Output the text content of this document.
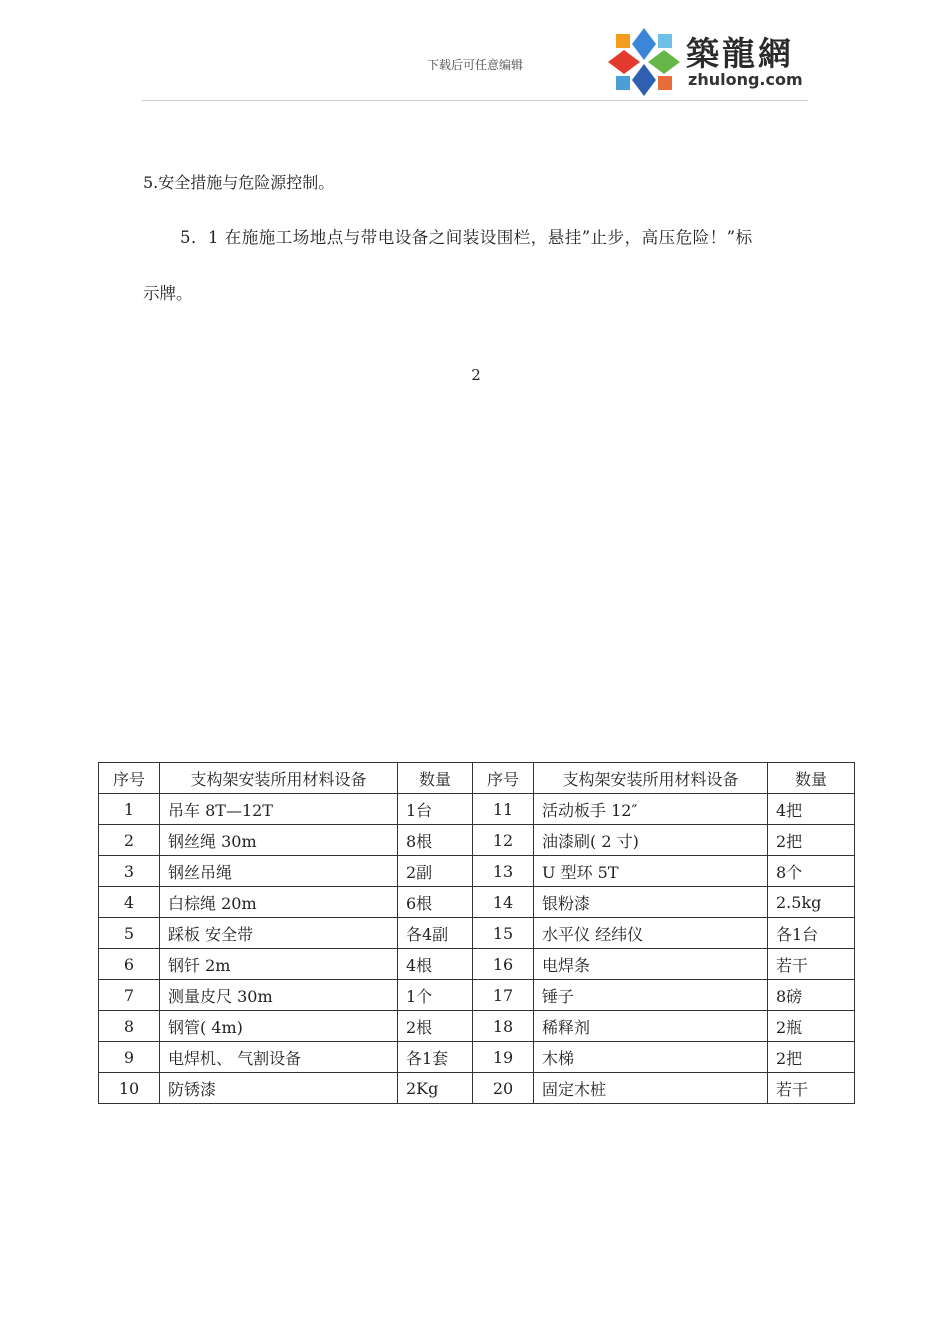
下载后可任意编辑	築龍網
zhulong.com
5.安全措施与危险源控制。
5．1 在施施工场地点与带电设备之间装设围栏，悬挂”止步，高压危险！”标
示牌。
2
序号	支构架安装所用材料设备	数量	序号	支构架安装所用材料设备	数量
1	吊车 8T—12T	1台	11	活动板手 12″	4把
2	钢丝绳 30m	8根	12	油漆刷( 2 寸)	2把
3	钢丝吊绳	2副	13	U 型环 5T	8个
4	白棕绳 20m	6根	14	银粉漆	2.5kg
5	踩板 安全带	各4副	15	水平仪 经纬仪	各1台
6	钢钎 2m	4根	16	电焊条	若干
7	测量皮尺 30m	1个	17	锤子	8磅
8	钢管( 4m)	2根	18	稀释剂	2瓶
9	电焊机、 气割设备	各1套	19	木梯	2把
10	防锈漆	2Kg	20	固定木桩	若干
